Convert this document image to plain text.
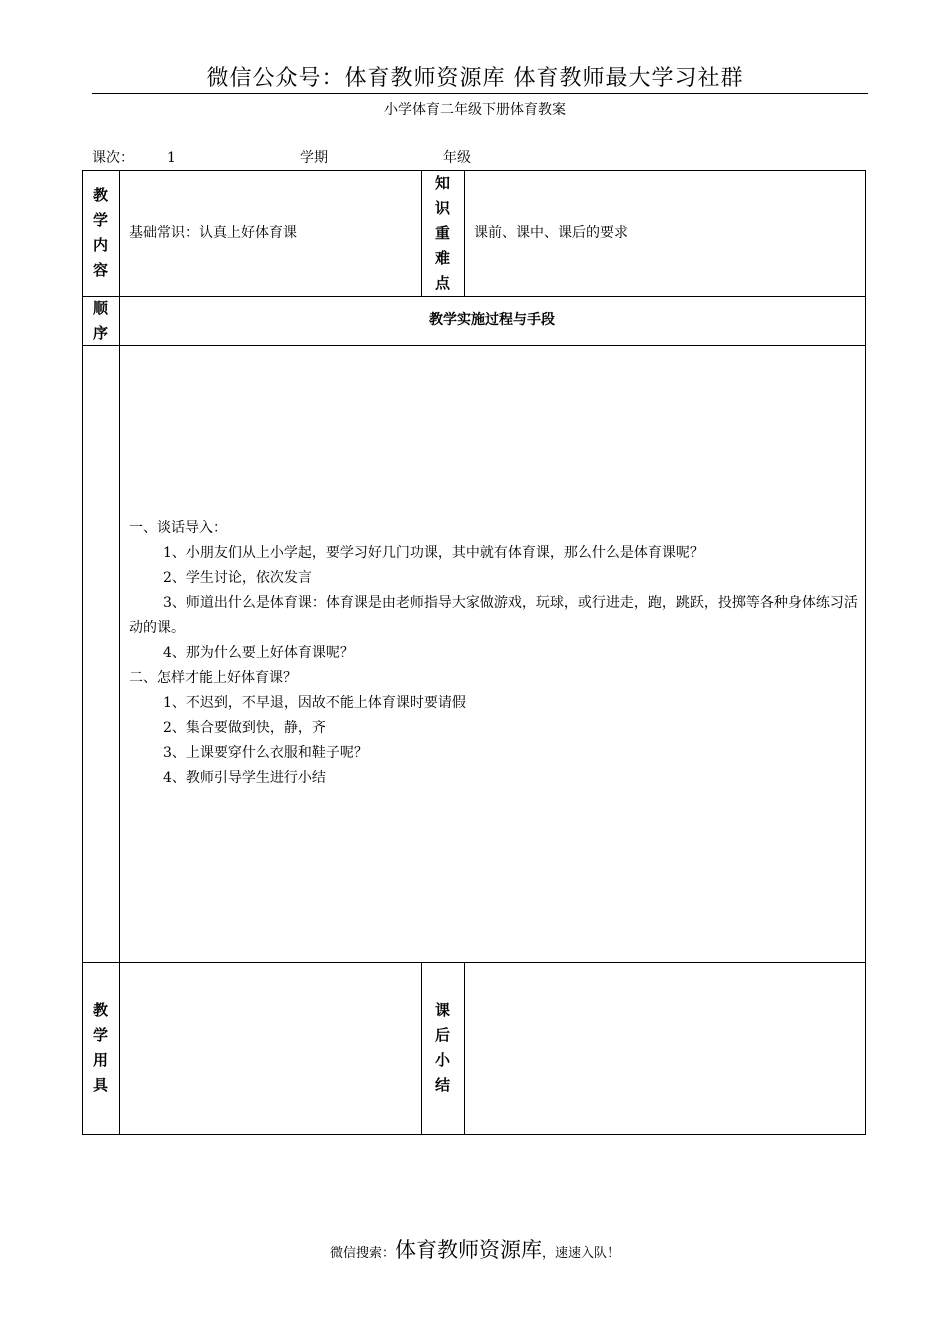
微信公众号：体育教师资源库 体育教师最大学习社群
小学体育二年级下册体育教案
课次： 1	学期	年级
教
学
内
容
基础常识：认真上好体育课
知
识
重
难
点
课前、课中、课后的要求
顺
序
教学实施过程与手段

一、谈话导入：

1、小朋友们从上小学起，要学习好几门功课，其中就有体育课，那么什么是体育课呢？

2、学生讨论，依次发言

3、师道出什么是体育课：体育课是由老师指导大家做游戏，玩球，或行进走，跑，跳跃，投掷等各种身体练习活动的课。

4、那为什么要上好体育课呢？

二、怎样才能上好体育课？

1、不迟到，不早退，因故不能上体育课时要请假

2、集合要做到快，静，齐

3、上课要穿什么衣服和鞋子呢？

4、教师引导学生进行小结

教
学
用
具
课
后
小
结
微信搜索：体育教师资源库，速速入队！
